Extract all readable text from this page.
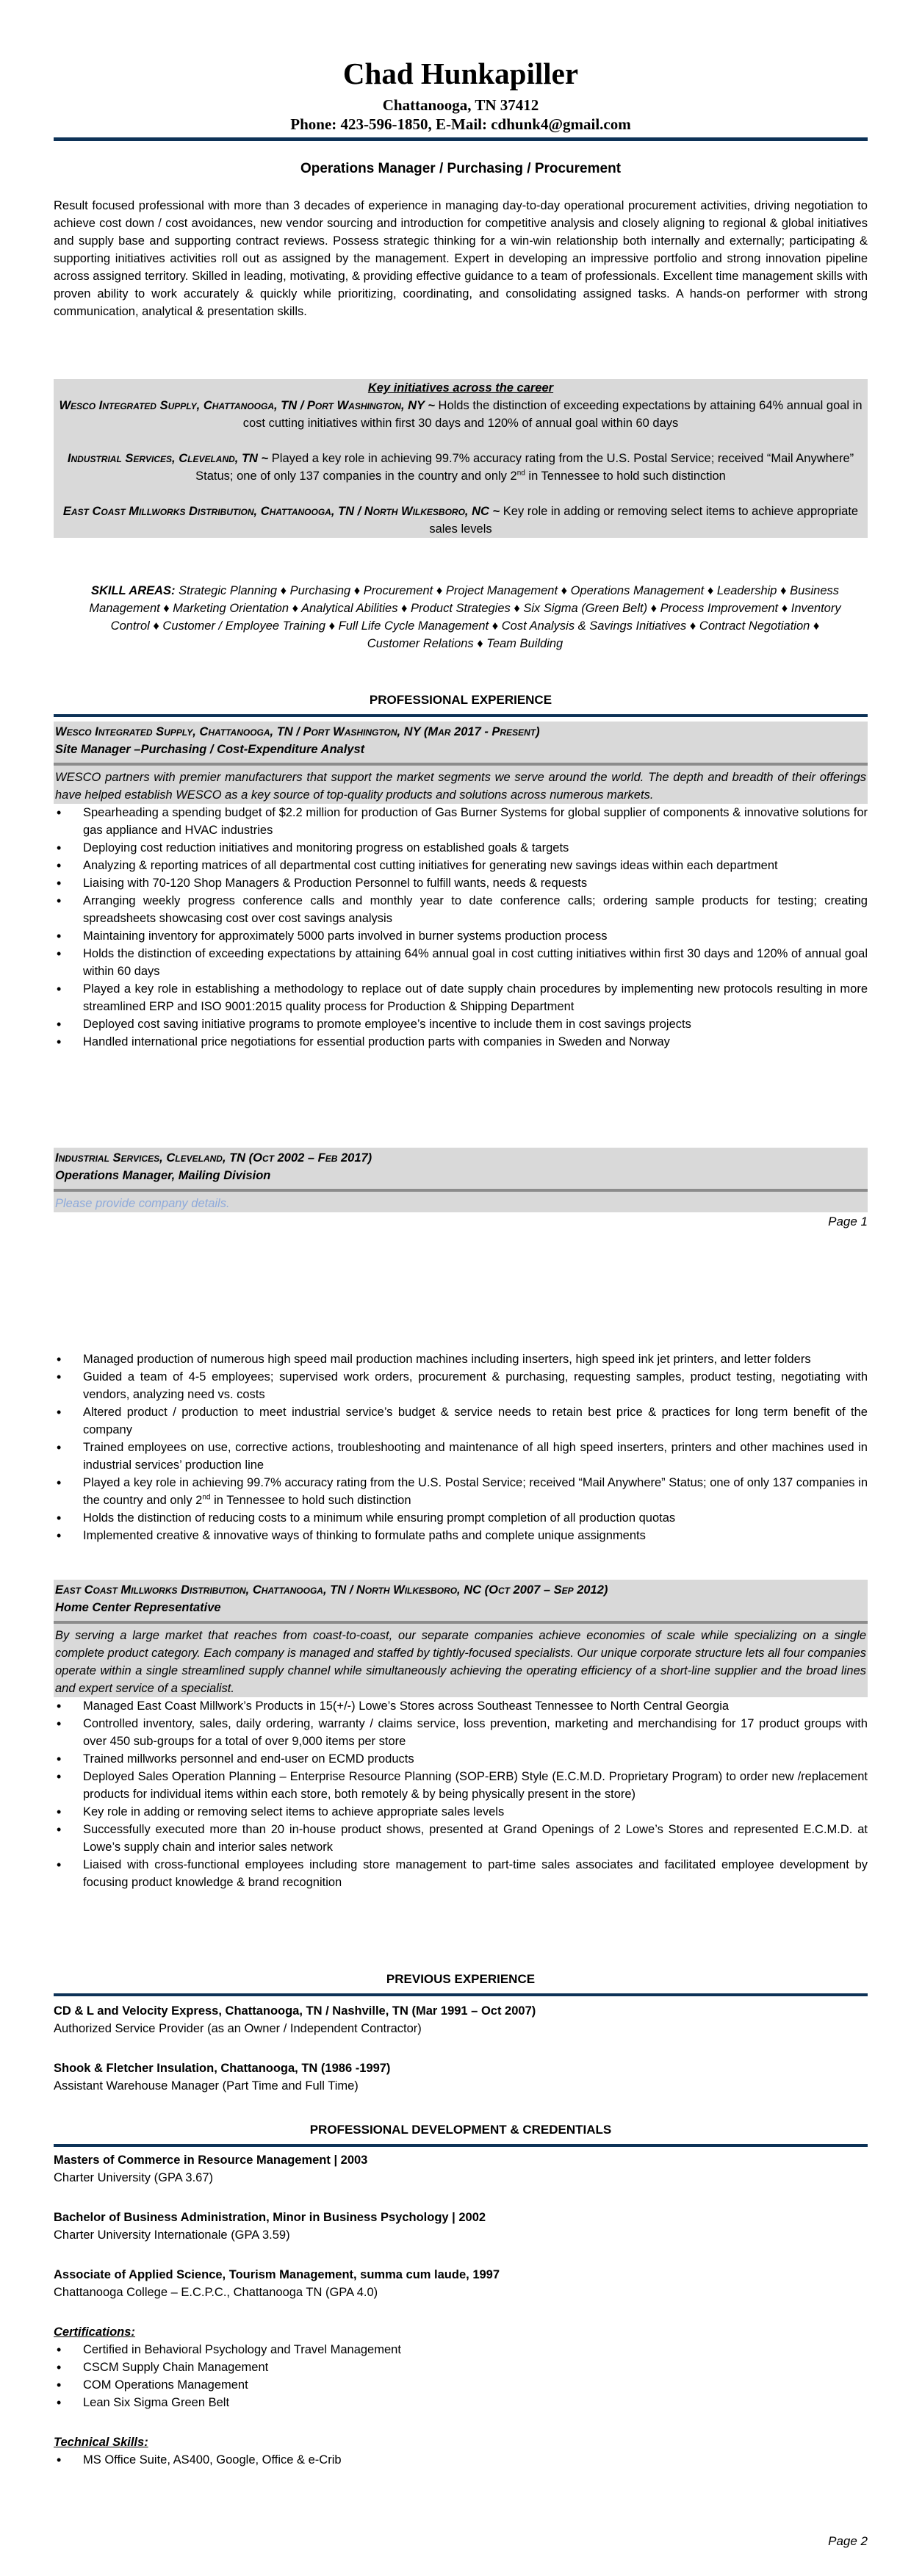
Chad Hunkapiller
Chattanooga, TN 37412
Phone: 423-596-1850, E-Mail: cdhunk4@gmail.com
Operations Manager / Purchasing / Procurement
Result focused professional with more than 3 decades of experience in managing day-to-day operational procurement activities, driving negotiation to achieve cost down / cost avoidances, new vendor sourcing and introduction for competitive analysis and closely aligning to regional & global initiatives and supply base and supporting contract reviews. Possess strategic thinking for a win-win relationship both internally and externally; participating & supporting initiatives activities roll out as assigned by the management. Expert in developing an impressive portfolio and strong innovation pipeline across assigned territory. Skilled in leading, motivating, & providing effective guidance to a team of professionals. Excellent time management skills with proven ability to work accurately & quickly while prioritizing, coordinating, and consolidating assigned tasks. A hands-on performer with strong communication, analytical & presentation skills.
Key initiatives across the career
Wesco Integrated Supply, Chattanooga, TN / Port Washington, NY ~ Holds the distinction of exceeding expectations by attaining 64% annual goal in cost cutting initiatives within first 30 days and 120% of annual goal within 60 days
Industrial Services, Cleveland, TN ~ Played a key role in achieving 99.7% accuracy rating from the U.S. Postal Service; received “Mail Anywhere” Status; one of only 137 companies in the country and only 2nd in Tennessee to hold such distinction
East Coast Millworks Distribution, Chattanooga, TN / North Wilkesboro, NC ~ Key role in adding or removing select items to achieve appropriate sales levels
SKILL AREAS: Strategic Planning ♦ Purchasing ♦ Procurement ♦ Project Management ♦ Operations Management ♦ Leadership ♦ Business Management ♦ Marketing Orientation ♦ Analytical Abilities ♦ Product Strategies ♦ Six Sigma (Green Belt) ♦ Process Improvement ♦ Inventory Control ♦ Customer / Employee Training ♦ Full Life Cycle Management ♦ Cost Analysis & Savings Initiatives ♦ Contract Negotiation ♦ Customer Relations ♦ Team Building
PROFESSIONAL EXPERIENCE
Wesco Integrated Supply, Chattanooga, TN / Port Washington, NY (Mar 2017 - Present)
Site Manager –Purchasing / Cost-Expenditure Analyst
WESCO partners with premier manufacturers that support the market segments we serve around the world. The depth and breadth of their offerings have helped establish WESCO as a key source of top-quality products and solutions across numerous markets.
• Spearheading a spending budget of $2.2 million for production of Gas Burner Systems for global supplier of components & innovative solutions for gas appliance and HVAC industries
• Deploying cost reduction initiatives and monitoring progress on established goals & targets
• Analyzing & reporting matrices of all departmental cost cutting initiatives for generating new savings ideas within each department
• Liaising with 70-120 Shop Managers & Production Personnel to fulfill wants, needs & requests
• Arranging weekly progress conference calls and monthly year to date conference calls; ordering sample products for testing; creating spreadsheets showcasing cost over cost savings analysis
• Maintaining inventory for approximately 5000 parts involved in burner systems production process
• Holds the distinction of exceeding expectations by attaining 64% annual goal in cost cutting initiatives within first 30 days and 120% of annual goal within 60 days
• Played a key role in establishing a methodology to replace out of date supply chain procedures by implementing new protocols resulting in more streamlined ERP and ISO 9001:2015 quality process for Production & Shipping Department
• Deployed cost saving initiative programs to promote employee’s incentive to include them in cost savings projects
• Handled international price negotiations for essential production parts with companies in Sweden and Norway
Industrial Services, Cleveland, TN (Oct 2002 – Feb 2017)
Operations Manager, Mailing Division
Please provide company details.
Page 1
• Managed production of numerous high speed mail production machines including inserters, high speed ink jet printers, and letter folders
• Guided a team of 4-5 employees; supervised work orders, procurement & purchasing, requesting samples, product testing, negotiating with vendors, analyzing need vs. costs
• Altered product / production to meet industrial service’s budget & service needs to retain best price & practices for long term benefit of the company
• Trained employees on use, corrective actions, troubleshooting and maintenance of all high speed inserters, printers and other machines used in industrial services’ production line
• Played a key role in achieving 99.7% accuracy rating from the U.S. Postal Service; received “Mail Anywhere” Status; one of only 137 companies in the country and only 2nd in Tennessee to hold such distinction
• Holds the distinction of reducing costs to a minimum while ensuring prompt completion of all production quotas
• Implemented creative & innovative ways of thinking to formulate paths and complete unique assignments
East Coast Millworks Distribution, Chattanooga, TN / North Wilkesboro, NC (Oct 2007 – Sep 2012)
Home Center Representative
By serving a large market that reaches from coast-to-coast, our separate companies achieve economies of scale while specializing on a single complete product category. Each company is managed and staffed by tightly-focused specialists. Our unique corporate structure lets all four companies operate within a single streamlined supply channel while simultaneously achieving the operating efficiency of a short-line supplier and the broad lines and expert service of a specialist.
• Managed East Coast Millwork’s Products in 15(+/-) Lowe’s Stores across Southeast Tennessee to North Central Georgia
• Controlled inventory, sales, daily ordering, warranty / claims service, loss prevention, marketing and merchandising for 17 product groups with over 450 sub-groups for a total of over 9,000 items per store
• Trained millworks personnel and end-user on ECMD products
• Deployed Sales Operation Planning – Enterprise Resource Planning (SOP-ERB) Style (E.C.M.D. Proprietary Program) to order new /replacement products for individual items within each store, both remotely & by being physically present in the store)
• Key role in adding or removing select items to achieve appropriate sales levels
• Successfully executed more than 20 in-house product shows, presented at Grand Openings of 2 Lowe’s Stores and represented E.C.M.D. at Lowe’s supply chain and interior sales network
• Liaised with cross-functional employees including store management to part-time sales associates and facilitated employee development by focusing product knowledge & brand recognition
PREVIOUS EXPERIENCE
CD & L and Velocity Express, Chattanooga, TN / Nashville, TN (Mar 1991 – Oct 2007)
Authorized Service Provider (as an Owner / Independent Contractor)
Shook & Fletcher Insulation, Chattanooga, TN (1986 -1997)
Assistant Warehouse Manager (Part Time and Full Time)
PROFESSIONAL DEVELOPMENT & CREDENTIALS
Masters of Commerce in Resource Management | 2003
Charter University (GPA 3.67)
Bachelor of Business Administration, Minor in Business Psychology | 2002
Charter University Internationale (GPA 3.59)
Associate of Applied Science, Tourism Management, summa cum laude, 1997
Chattanooga College – E.C.P.C., Chattanooga TN (GPA 4.0)
Certifications:
• Certified in Behavioral Psychology and Travel Management
• CSCM Supply Chain Management
• COM Operations Management
• Lean Six Sigma Green Belt
Technical Skills:
• MS Office Suite, AS400, Google, Office & e-Crib
Page 2
